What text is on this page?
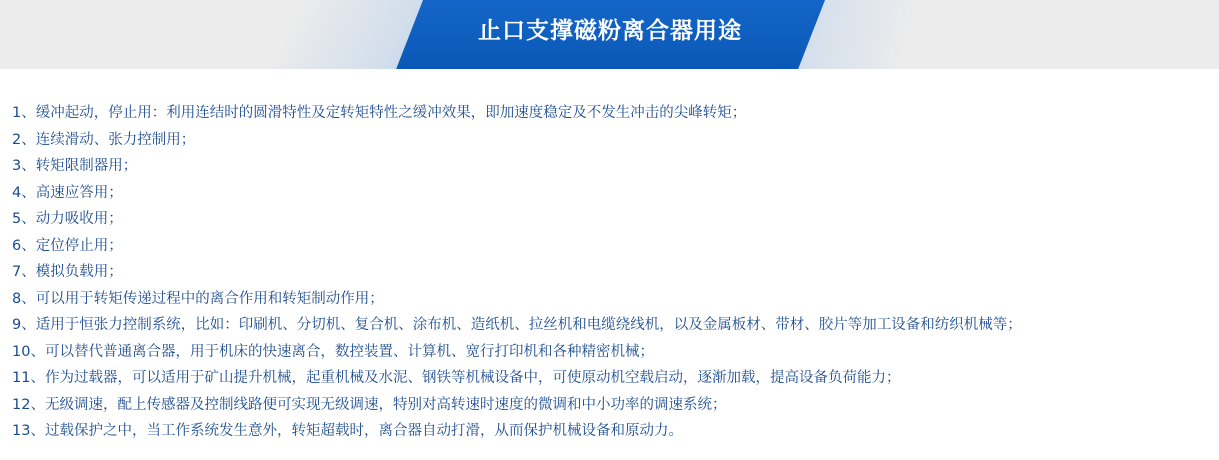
止口支撑磁粉离合器用途
1、缓冲起动，停止用：利用连结时的圆滑特性及定转矩特性之缓冲效果，即加速度稳定及不发生冲击的尖峰转矩；
2、连续滑动、张力控制用；
3、转矩限制器用；
4、高速应答用；
5、动力吸收用；
6、定位停止用；
7、模拟负载用；
8、可以用于转矩传递过程中的离合作用和转矩制动作用；
9、适用于恒张力控制系统，比如：印刷机、分切机、复合机、涂布机、造纸机、拉丝机和电缆绕线机，以及金属板材、带材、胶片等加工设备和纺织机械等；
10、可以替代普通离合器，用于机床的快速离合，数控装置、计算机、宽行打印机和各种精密机械；
11、作为过载器，可以适用于矿山提升机械，起重机械及水泥、钢铁等机械设备中，可使原动机空载启动，逐渐加载，提高设备负荷能力；
12、无级调速，配上传感器及控制线路便可实现无级调速，特别对高转速时速度的微调和中小功率的调速系统；
13、过载保护之中，当工作系统发生意外，转矩超载时，离合器自动打滑，从而保护机械设备和原动力。
